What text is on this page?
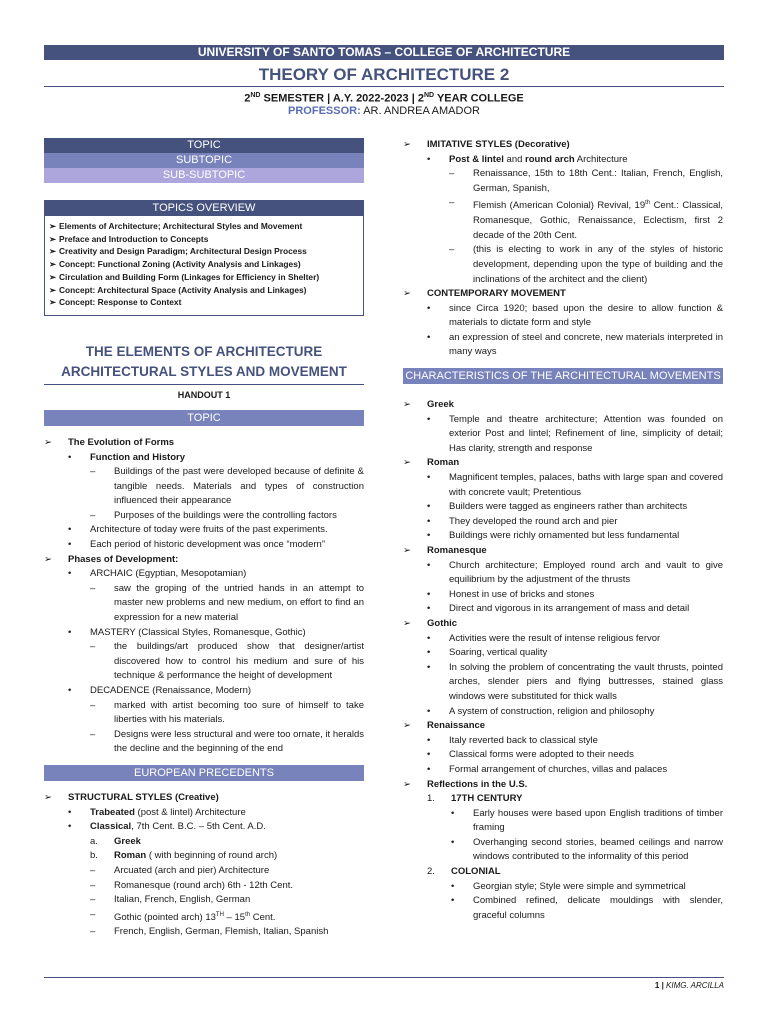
UNIVERSITY OF SANTO TOMAS – COLLEGE OF ARCHITECTURE
THEORY OF ARCHITECTURE 2
2ND SEMESTER | A.Y. 2022-2023 | 2ND YEAR COLLEGE
PROFESSOR: AR. ANDREA AMADOR
TOPIC
SUBTOPIC
SUB-SUBTOPIC
TOPICS OVERVIEW
➢ Elements of Architecture; Architectural Styles and Movement
➢ Preface and Introduction to Concepts
➢ Creativity and Design Paradigm; Architectural Design Process
➢ Concept: Functional Zoning (Activity Analysis and Linkages)
➢ Circulation and Building Form (Linkages for Efficiency in Shelter)
➢ Concept: Architectural Space (Activity Analysis and Linkages)
➢ Concept: Response to Context
THE ELEMENTS OF ARCHITECTURE
ARCHITECTURAL STYLES AND MOVEMENT
HANDOUT 1
TOPIC
➢ The Evolution of Forms
• Function and History
– Buildings of the past were developed because of definite & tangible needs. Materials and types of construction influenced their appearance
– Purposes of the buildings were the controlling factors
• Architecture of today were fruits of the past experiments.
• Each period of historic development was once “modern”
➢ Phases of Development:
• ARCHAIC (Egyptian, Mesopotamian)
– saw the groping of the untried hands in an attempt to master new problems and new medium, on effort to find an expression for a new material
• MASTERY (Classical Styles, Romanesque, Gothic)
– the buildings/art produced show that designer/artist discovered how to control his medium and sure of his technique & performance the height of development
• DECADENCE (Renaissance, Modern)
– marked with artist becoming too sure of himself to take liberties with his materials.
– Designs were less structural and were too ornate, it heralds the decline and the beginning of the end
EUROPEAN PRECEDENTS
➢ STRUCTURAL STYLES (Creative)
• Trabeated (post & lintel) Architecture
• Classical, 7th Cent. B.C. – 5th Cent. A.D.
a. Greek
b. Roman ( with beginning of round arch)
– Arcuated (arch and pier) Architecture
– Romanesque (round arch) 6th - 12th Cent.
– Italian, French, English, German
– Gothic (pointed arch) 13TH – 15th Cent.
– French, English, German, Flemish, Italian, Spanish
➢ IMITATIVE STYLES (Decorative)
• Post & lintel and round arch Architecture
– Renaissance, 15th to 18th Cent.: Italian, French, English, German, Spanish,
– Flemish (American Colonial) Revival, 19th Cent.: Classical, Romanesque, Gothic, Renaissance, Eclectism, first 2 decade of the 20th Cent.
– (this is electing to work in any of the styles of historic development, depending upon the type of building and the inclinations of the architect and the client)
➢ CONTEMPORARY MOVEMENT
• since Circa 1920; based upon the desire to allow function & materials to dictate form and style
• an expression of steel and concrete, new materials interpreted in many ways
CHARACTERISTICS OF THE ARCHITECTURAL MOVEMENTS
➢ Greek
• Temple and theatre architecture; Attention was founded on exterior Post and lintel; Refinement of line, simplicity of detail; Has clarity, strength and response
➢ Roman
• Magnificent temples, palaces, baths with large span and covered with concrete vault; Pretentious
• Builders were tagged as engineers rather than architects
• They developed the round arch and pier
• Buildings were richly ornamented but less fundamental
➢ Romanesque
• Church architecture; Employed round arch and vault to give equilibrium by the adjustment of the thrusts
• Honest in use of bricks and stones
• Direct and vigorous in its arrangement of mass and detail
➢ Gothic
• Activities were the result of intense religious fervor
• Soaring, vertical quality
• In solving the problem of concentrating the vault thrusts, pointed arches, slender piers and flying buttresses, stained glass windows were substituted for thick walls
• A system of construction, religion and philosophy
➢ Renaissance
• Italy reverted back to classical style
• Classical forms were adopted to their needs
• Formal arrangement of churches, villas and palaces
➢ Reflections in the U.S.
1. 17TH CENTURY
• Early houses were based upon English traditions of timber framing
• Overhanging second stories, beamed ceilings and narrow windows contributed to the informality of this period
2. COLONIAL
• Georgian style; Style were simple and symmetrical
• Combined refined, delicate mouldings with slender, graceful columns
1 | KIMG. ARCILLA
